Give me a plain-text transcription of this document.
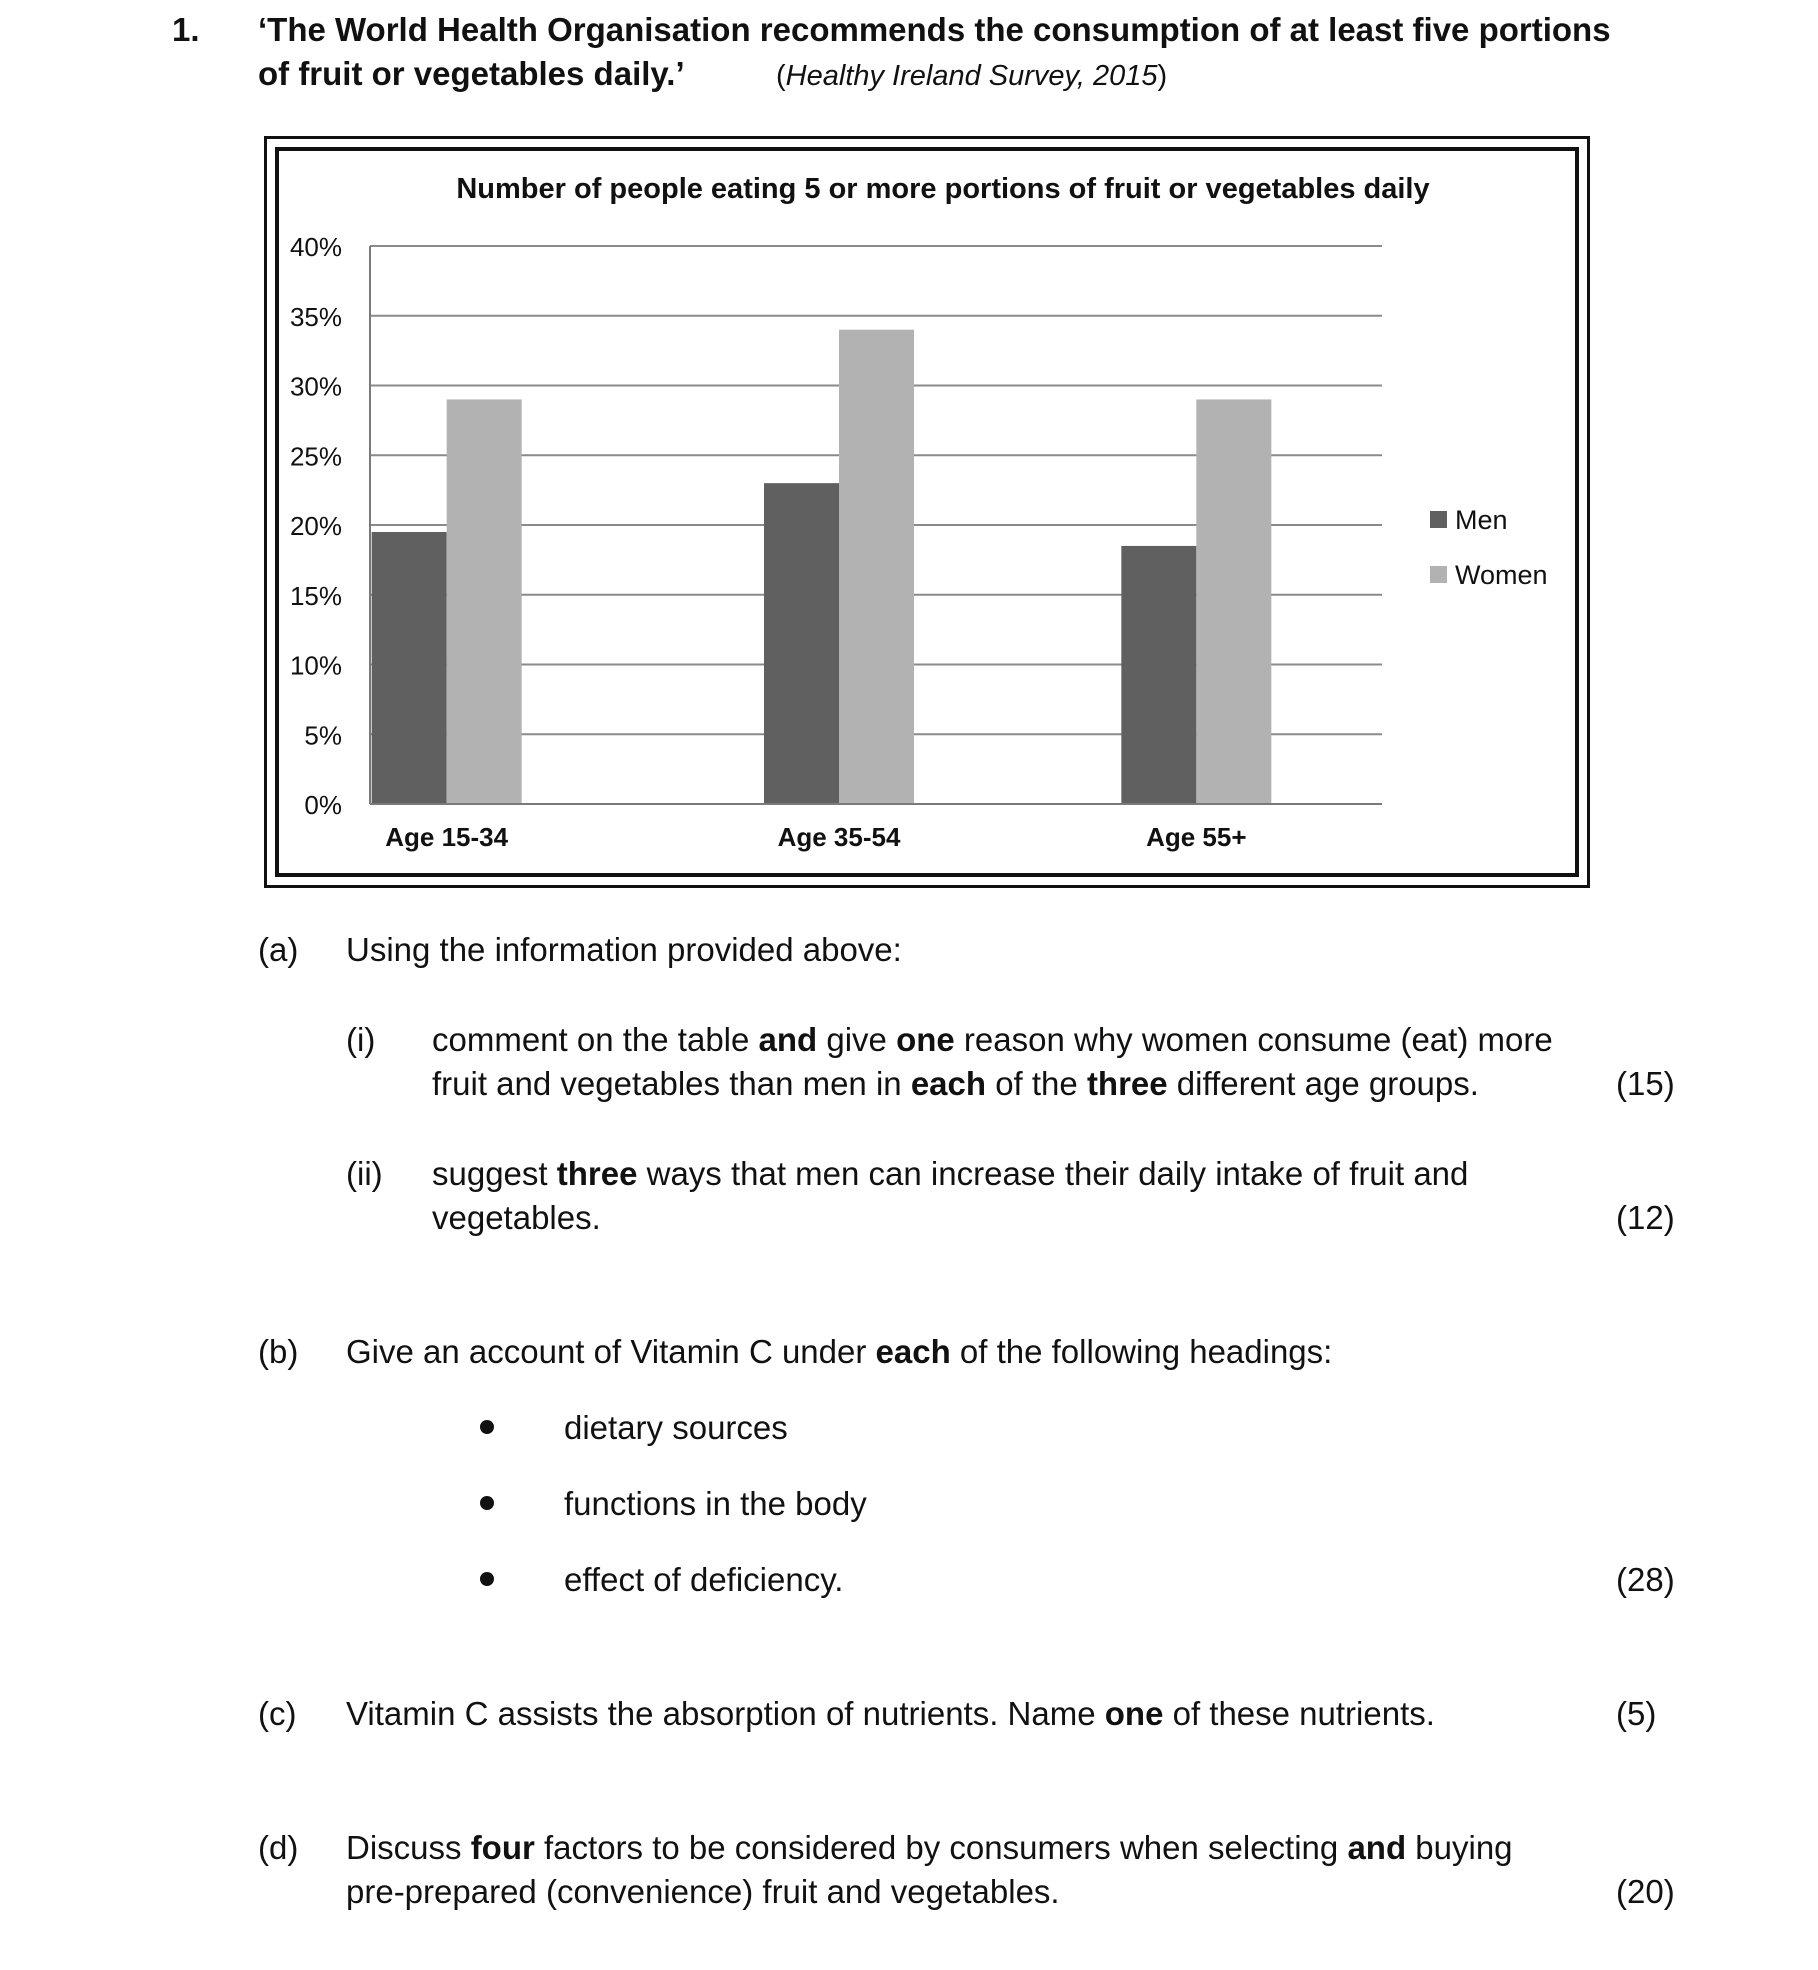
1. ‘The World Health Organisation recommends the consumption of at least five portions
of fruit or vegetables daily.’	(Healthy Ireland Survey, 2015)
Number of people eating 5 or more portions of fruit or vegetables daily
0%
5%
10%
15%
20%
25%
30%
35%
40%
Age 15-34	Age 35-54	Age 55+
Men
Women
(a) Using the information provided above:
(i) comment on the table and give one reason why women consume (eat) more
fruit and vegetables than men in each of the three different age groups.	(15)
(ii) suggest three ways that men can increase their daily intake of fruit and
vegetables.	(12)
(b) Give an account of Vitamin C under each of the following headings:
dietary sources
functions in the body
effect of deficiency.	(28)
(c) Vitamin C assists the absorption of nutrients. Name one of these nutrients.	(5)
(d) Discuss four factors to be considered by consumers when selecting and buying
pre-prepared (convenience) fruit and vegetables.	(20)
